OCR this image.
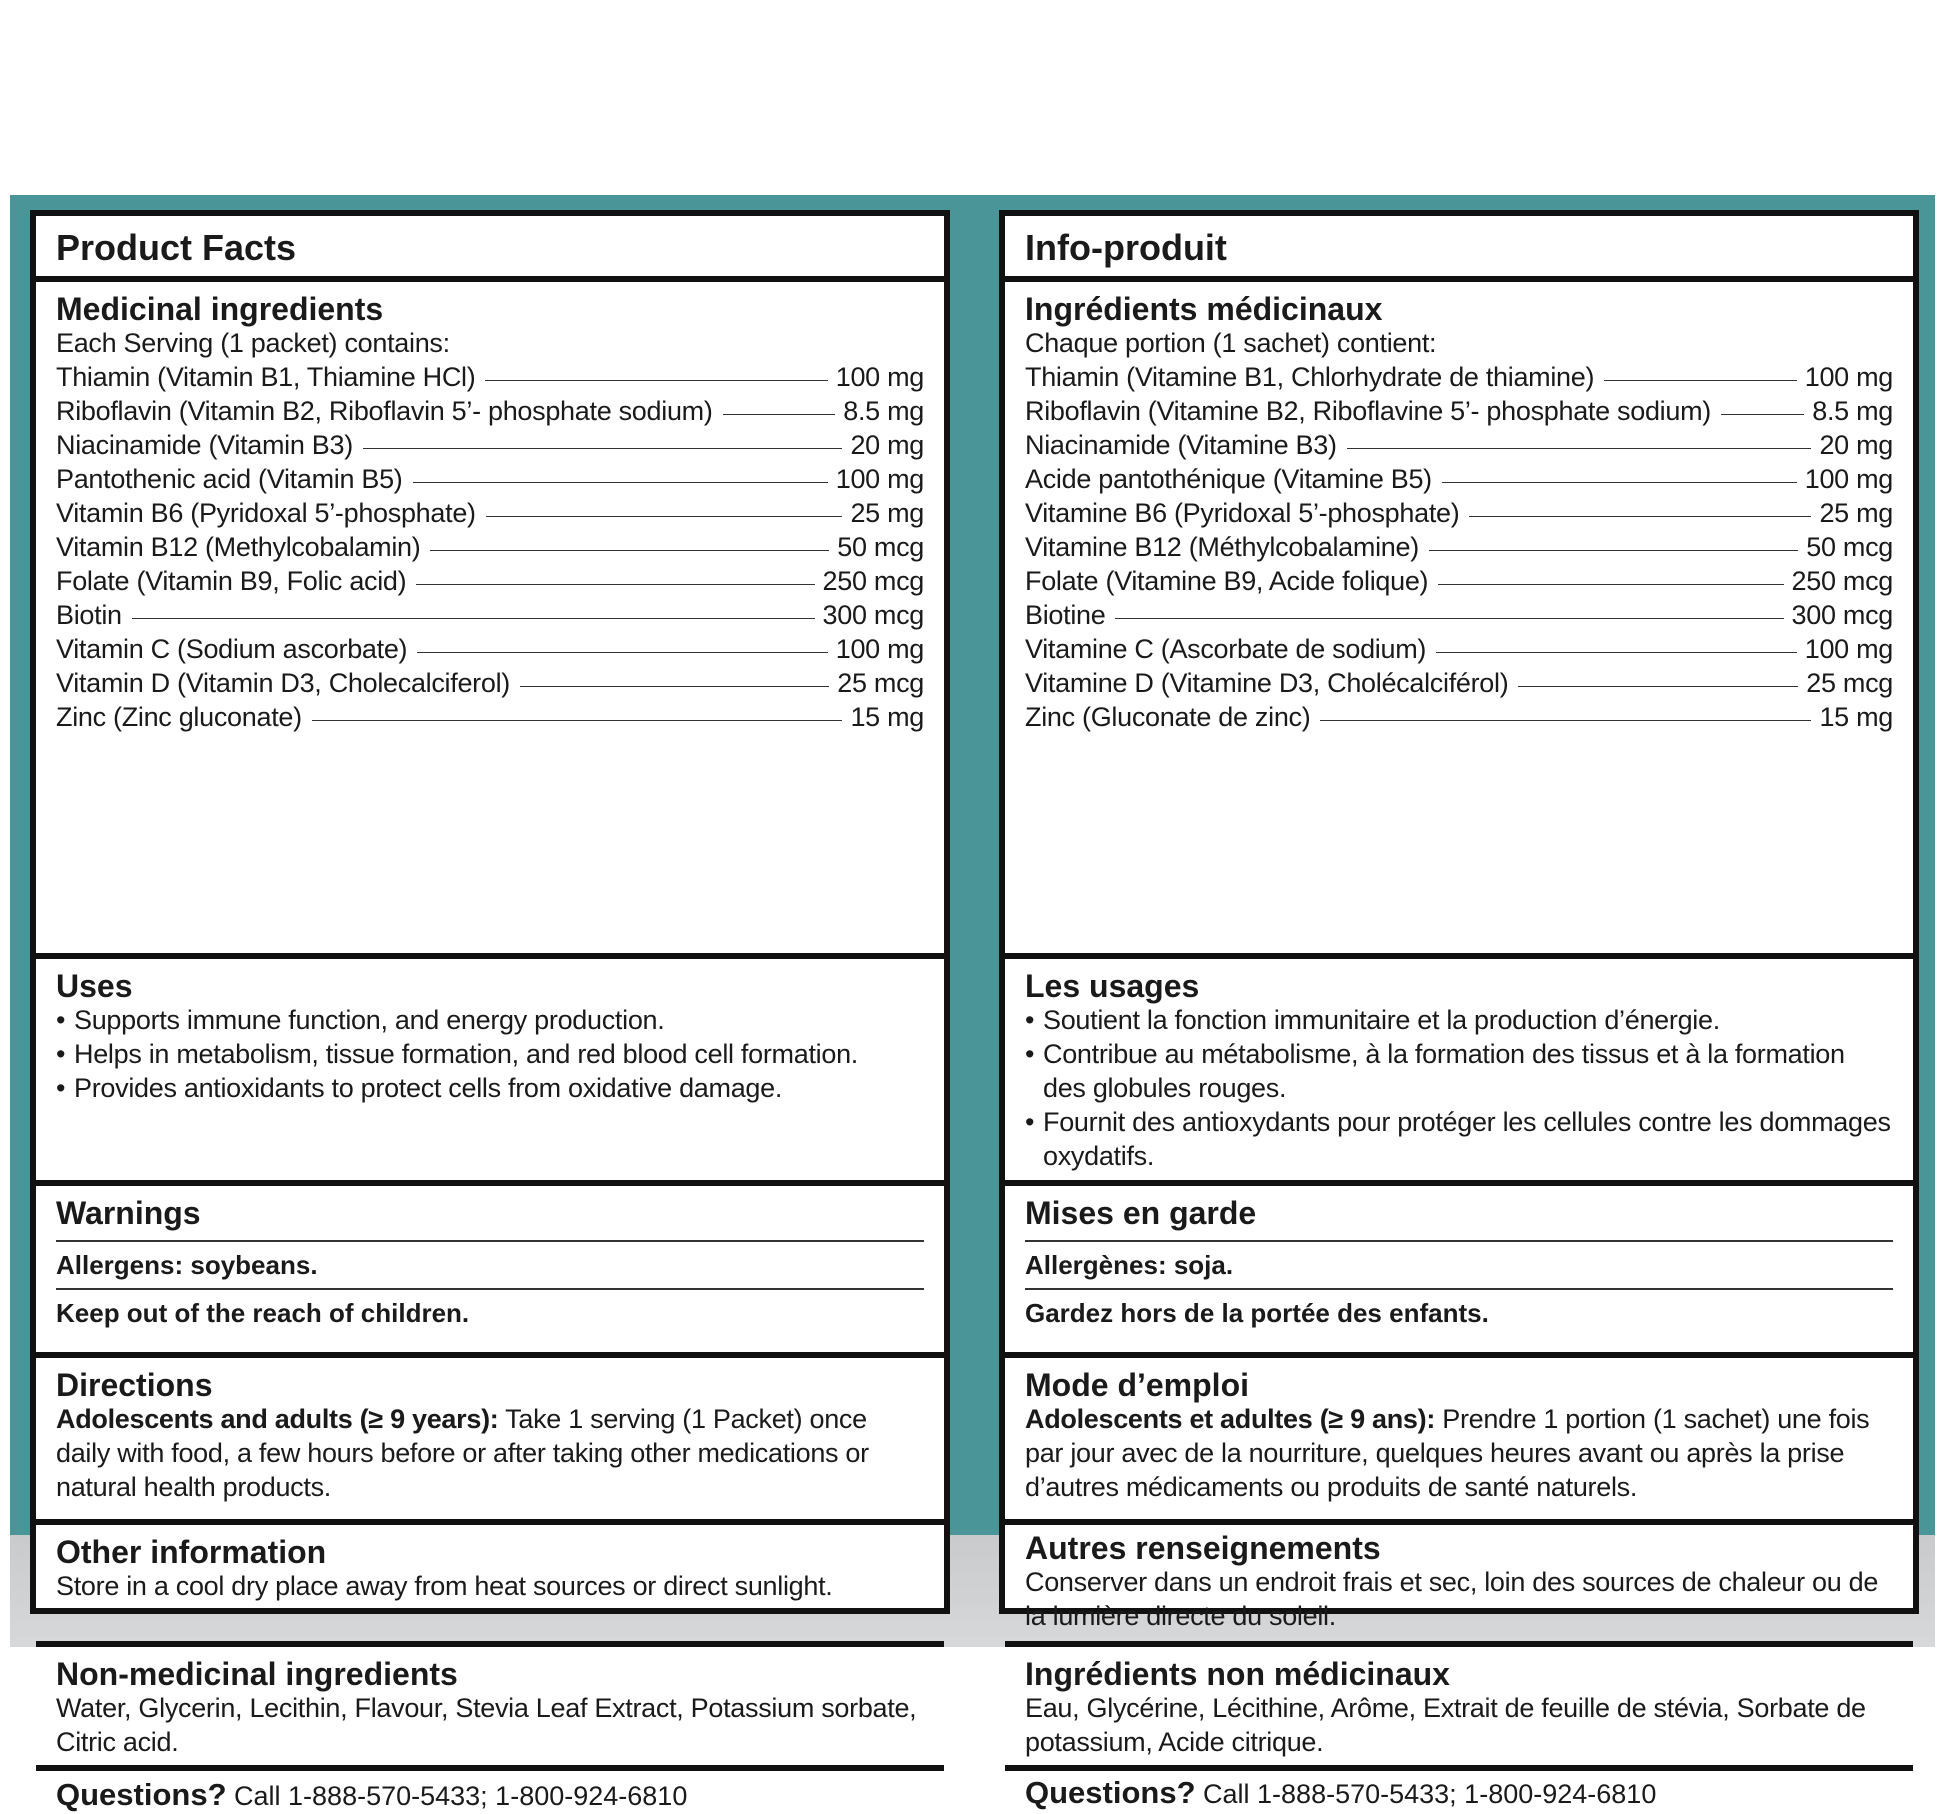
Product Facts
Medicinal ingredients
Each Serving (1 packet) contains:
Thiamin (Vitamin B1, Thiamine HCl)	100 mg
Riboflavin (Vitamin B2, Riboflavin 5’- phosphate sodium)	8.5 mg
Niacinamide (Vitamin B3)	20 mg
Pantothenic acid (Vitamin B5)	100 mg
Vitamin B6 (Pyridoxal 5’-phosphate)	25 mg
Vitamin B12 (Methylcobalamin)	50 mcg
Folate (Vitamin B9, Folic acid)	250 mcg
Biotin	300 mcg
Vitamin C (Sodium ascorbate)	100 mg
Vitamin D (Vitamin D3, Cholecalciferol)	25 mcg
Zinc (Zinc gluconate)	15 mg
Uses
• Supports immune function, and energy production.
• Helps in metabolism, tissue formation, and red blood cell formation.
• Provides antioxidants to protect cells from oxidative damage.
Warnings
Allergens: soybeans.
Keep out of the reach of children.
Directions
Adolescents and adults (≥ 9 years): Take 1 serving (1 Packet) once daily with food, a few hours before or after taking other medications or natural health products.
Other information
Store in a cool dry place away from heat sources or direct sunlight.
Non-medicinal ingredients
Water, Glycerin, Lecithin, Flavour, Stevia Leaf Extract, Potassium sorbate, Citric acid.
Questions? Call 1-888-570-5433; 1-800-924-6810
Info-produit
Ingrédients médicinaux
Chaque portion (1 sachet) contient:
Thiamin (Vitamine B1, Chlorhydrate de thiamine)	100 mg
Riboflavin (Vitamine B2, Riboflavine 5’- phosphate sodium)	8.5 mg
Niacinamide (Vitamine B3)	20 mg
Acide pantothénique (Vitamine B5)	100 mg
Vitamine B6 (Pyridoxal 5’-phosphate)	25 mg
Vitamine B12 (Méthylcobalamine)	50 mcg
Folate (Vitamine B9, Acide folique)	250 mcg
Biotine	300 mcg
Vitamine C (Ascorbate de sodium)	100 mg
Vitamine D (Vitamine D3, Cholécalciférol)	25 mcg
Zinc (Gluconate de zinc)	15 mg
Les usages
• Soutient la fonction immunitaire et la production d’énergie.
• Contribue au métabolisme, à la formation des tissus et à la formation des globules rouges.
• Fournit des antioxydants pour protéger les cellules contre les dommages oxydatifs.
Mises en garde
Allergènes: soja.
Gardez hors de la portée des enfants.
Mode d’emploi
Adolescents et adultes (≥ 9 ans): Prendre 1 portion (1 sachet) une fois par jour avec de la nourriture, quelques heures avant ou après la prise d’autres médicaments ou produits de santé naturels.
Autres renseignements
Conserver dans un endroit frais et sec, loin des sources de chaleur ou de la lumière directe du soleil.
Ingrédients non médicinaux
Eau, Glycérine, Lécithine, Arôme, Extrait de feuille de stévia, Sorbate de potassium, Acide citrique.
Questions? Call 1-888-570-5433; 1-800-924-6810
